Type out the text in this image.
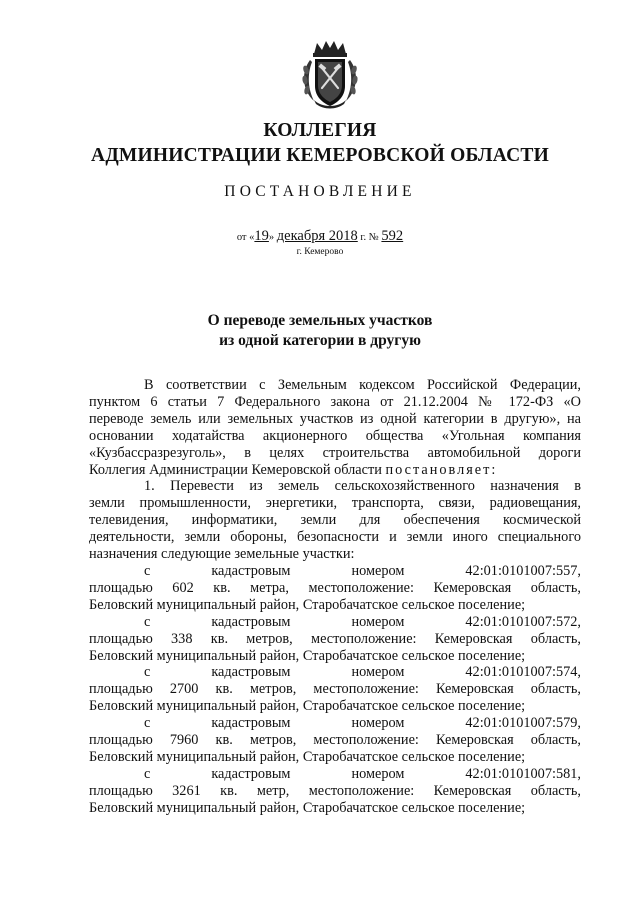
КОЛЛЕГИЯ
АДМИНИСТРАЦИИ КЕМЕРОВСКОЙ ОБЛАСТИ
ПОСТАНОВЛЕНИЕ
от «19» декабря 2018 г. № 592
г. Кемерово
О переводе земельных участков
из одной категории в другую

В соответствии с Земельным кодексом Российской Федерации,

пунктом 6 статьи 7 Федерального закона от 21.12.2004 № 172-ФЗ «О

переводе земель или земельных участков из одной категории в другую», на

основании ходатайства акционерного общества «Угольная компания

«Кузбассразрезуголь», в целях строительства автомобильной дороги

Коллегия Администрации Кемеровской области постановляет:

1. Перевести из земель сельскохозяйственного назначения в

земли промышленности, энергетики, транспорта, связи, радиовещания,

телевидения, информатики, земли для обеспечения космической

деятельности, земли обороны, безопасности и земли иного специального

назначения следующие земельные участки:

с	кадастровым	номером	42:01:0101007:557,

площадью 602 кв. метра, местоположение: Кемеровская область,

Беловский муниципальный район, Старобачатское сельское поселение;

с	кадастровым	номером	42:01:0101007:572,

площадью 338 кв. метров, местоположение: Кемеровская область,

Беловский муниципальный район, Старобачатское сельское поселение;

с	кадастровым	номером	42:01:0101007:574,

площадью 2700 кв. метров, местоположение: Кемеровская область,

Беловский муниципальный район, Старобачатское сельское поселение;

с	кадастровым	номером	42:01:0101007:579,

площадью 7960 кв. метров, местоположение: Кемеровская область,

Беловский муниципальный район, Старобачатское сельское поселение;

с	кадастровым	номером	42:01:0101007:581,

площадью 3261 кв. метр, местоположение: Кемеровская область,

Беловский муниципальный район, Старобачатское сельское поселение;
